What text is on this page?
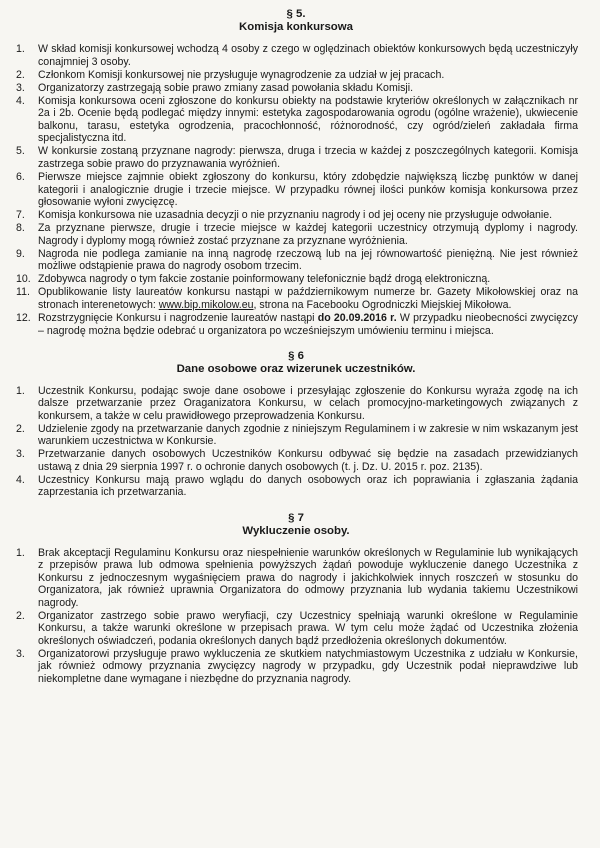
§ 5.
Komisja konkursowa
1. W skład komisji konkursowej wchodzą 4 osoby z czego w oględzinach obiektów konkursowych będą uczestniczyły conajmniej 3 osoby.
2. Członkom Komisji konkursowej nie przysługuje wynagrodzenie za udział w jej pracach.
3. Organizatorzy zastrzegają sobie prawo zmiany zasad powołania składu Komisji.
4. Komisja konkursowa oceni zgłoszone do konkursu obiekty na podstawie kryteriów określonych w załącznikach nr 2a i 2b. Ocenie będą podlegać między innymi: estetyka zagospodarowania ogrodu (ogólne wrażenie), ukwiecenie balkonu, tarasu, estetyka ogrodzenia, pracochłonność, różnorodność, czy ogród/zieleń zakładała firma specjalistyczna itd.
5. W konkursie zostaną przyznane nagrody: pierwsza, druga i trzecia w każdej z poszczególnych kategorii. Komisja zastrzega sobie prawo do przyznawania wyróżnień.
6. Pierwsze miejsce zajmnie obiekt zgłoszony do konkursu, który zdobędzie największą liczbę punktów w danej kategorii i analogicznie drugie i trzecie miejsce. W przypadku równej ilości punków komisja konkursowa przez głosowanie wyłoni zwycięzcę.
7. Komisja konkursowa nie uzasadnia decyzji o nie przyznaniu nagrody i od jej oceny nie przysługuje odwołanie.
8. Za przyznane pierwsze, drugie i trzecie miejsce w każdej kategorii uczestnicy otrzymują dyplomy i nagrody. Nagrody i dyplomy mogą również zostać przyznane za przyznane wyróżnienia.
9. Nagroda nie podlega zamianie na inną nagrodę rzeczową lub na jej równowartość pieniężną. Nie jest również możliwe odstąpienie prawa do nagrody osobom trzecim.
10. Zdobywca nagrody o tym fakcie zostanie poinformowany telefonicznie bądź drogą elektroniczną.
11. Opublikowanie listy laureatów konkursu nastąpi w październikowym numerze br. Gazety Mikołowskiej oraz na stronach interenetowych: www.bip.mikolow.eu, strona na Facebooku Ogrodniczki Miejskiej Mikołowa.
12. Rozstrzygnięcie Konkursu i nagrodzenie laureatów nastąpi do 20.09.2016 r. W przypadku nieobecności zwycięzcy – nagrodę można będzie odebrać u organizatora po wcześniejszym umówieniu terminu i miejsca.
§ 6
Dane osobowe oraz wizerunek uczestników.
1. Uczestnik Konkursu, podając swoje dane osobowe i przesyłając zgłoszenie do Konkursu wyraża zgodę na ich dalsze przetwarzanie przez Oraganizatora Konkursu, w celach promocyjno-marketingowych związanych z konkursem, a także w celu prawidłowego przeprowadzenia Konkursu.
2. Udzielenie zgody na przetwarzanie danych zgodnie z niniejszym Regulaminem i w zakresie w nim wskazanym jest warunkiem uczestnictwa w Konkursie.
3. Przetwarzanie danych osobowych Uczestników Konkursu odbywać się będzie na zasadach przewidzianych ustawą z dnia 29 sierpnia 1997 r. o ochronie danych osobowych (t. j. Dz. U. 2015 r. poz. 2135).
4. Uczestnicy Konkursu mają prawo wglądu do danych osobowych oraz ich poprawiania i zgłaszania żądania zaprzestania ich przetwarzania.
§ 7
Wykluczenie osoby.
1. Brak akceptacji Regulaminu Konkursu oraz niespełnienie warunków określonych w Regulaminie lub wynikających z przepisów prawa lub odmowa spełnienia powyższych żądań powoduje wykluczenie danego Uczestnika z Konkursu z jednoczesnym wygaśnięciem prawa do nagrody i jakichkolwiek innych roszczeń w stosunku do Organizatora, jak również uprawnia Organizatora do odmowy przyznania lub wydania takiemu Uczestnikowi nagrody.
2. Organizator zastrzego sobie prawo weryfiacji, czy Uczestnicy spełniają warunki określone w Regulaminie Konkursu, a także warunki określone w przepisach prawa. W tym celu może żądać od Uczestnika złożenia określonych oświadczeń, podania określonych danych bądź przedłożenia określonych dokumentów.
3. Organizatorowi przysługuje prawo wykluczenia ze skutkiem natychmiastowym Uczestnika z udziału w Konkursie, jak również odmowy przyznania zwycięzcy nagrody w przypadku, gdy Uczestnik podał nieprawdziwe lub niekompletne dane wymagane i niezbędne do przyznania nagrody.
